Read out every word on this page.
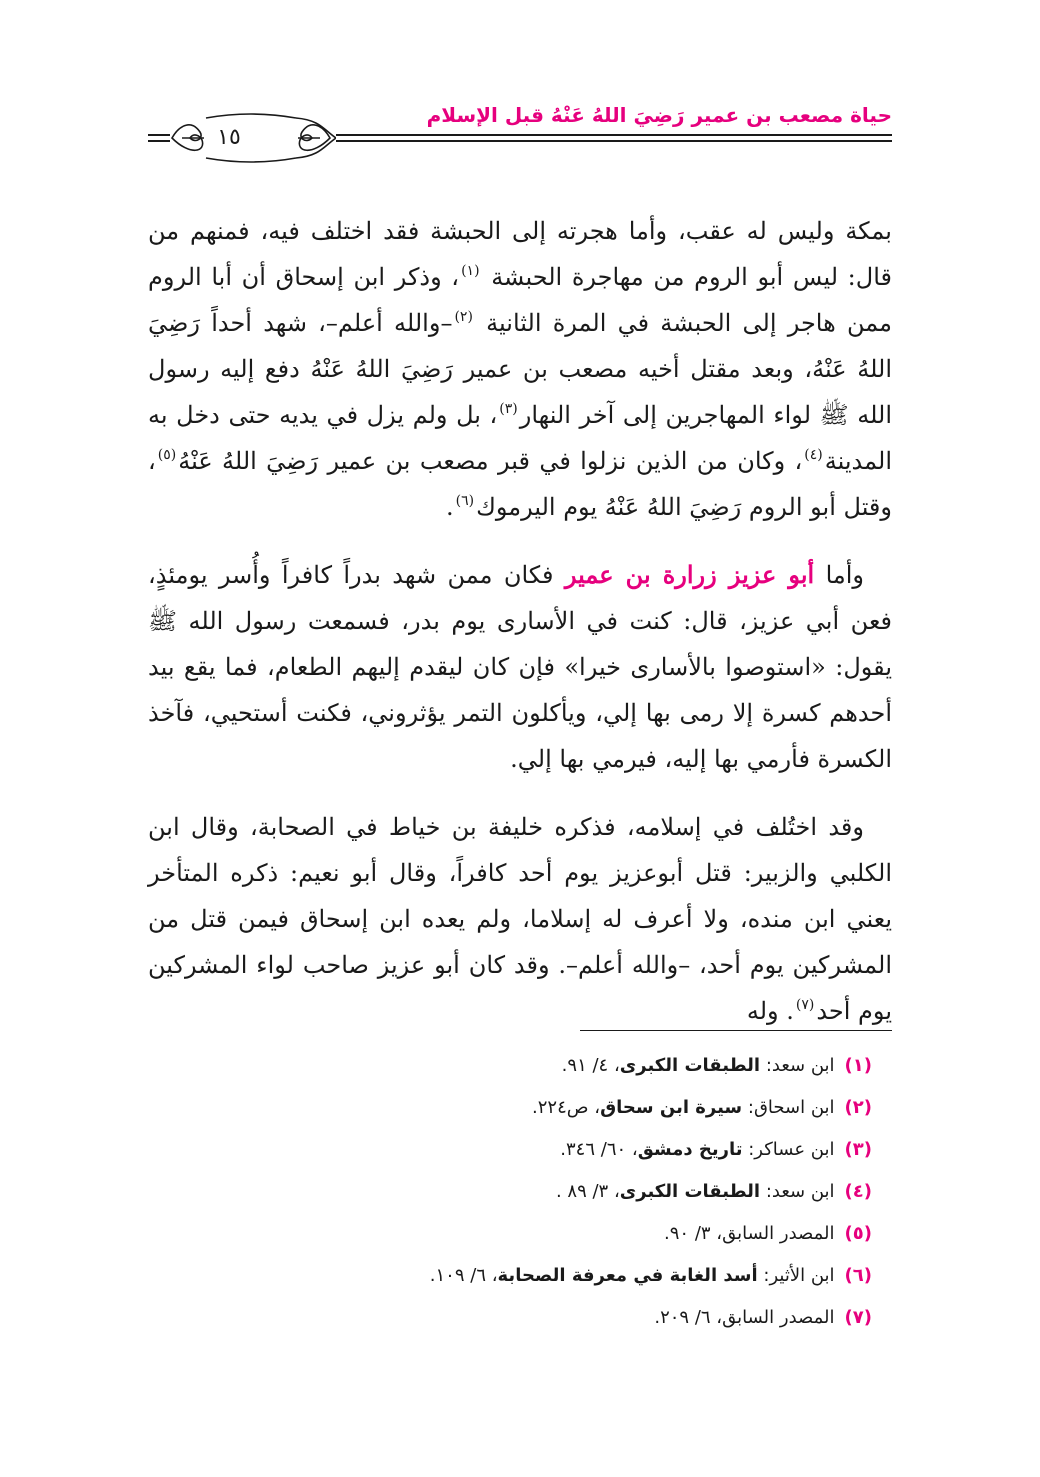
حياة مصعب بن عمير رَضِيَ اللهُ عَنْهُ قبل الإسلام
١٥

بمكة وليس له عقب، وأما هجرته إلى الحبشة فقد اختلف فيه، فمنهم من قال: ليس أبو الروم من مهاجرة الحبشة $^{(١)}$، وذكر ابن إسحاق أن أبا الروم ممن هاجر إلى الحبشة في المرة الثانية $^{(٢)}$–والله أعلم–، شهد أحداً رَضِيَ اللهُ عَنْهُ، وبعد مقتل أخيه مصعب بن عمير رَضِيَ اللهُ عَنْهُ دفع إليه رسول الله ﷺ لواء المهاجرين إلى آخر النهار$^{(٣)}$، بل ولم يزل في يديه حتى دخل به المدينة$^{(٤)}$، وكان من الذين نزلوا في قبر مصعب بن عمير رَضِيَ اللهُ عَنْهُ$^{(٥)}$، وقتل أبو الروم رَضِيَ اللهُ عَنْهُ يوم اليرموك$^{(٦)}$.

وأما أبو عزيز زرارة بن عمير فكان ممن شهد بدراً كافراً وأُسر يومئذٍ، فعن أبي عزيز، قال: كنت في الأسارى يوم بدر، فسمعت رسول الله ﷺ يقول: «استوصوا بالأسارى خيرا» فإن كان ليقدم إليهم الطعام، فما يقع بيد أحدهم كسرة إلا رمى بها إلي، ويأكلون التمر يؤثروني، فكنت أستحيي، فآخذ الكسرة فأرمي بها إليه، فيرمي بها إلي.

وقد اختُلف في إسلامه، فذكره خليفة بن خياط في الصحابة، وقال ابن الكلبي والزبير: قتل أبوعزيز يوم أحد كافراً، وقال أبو نعيم: ذكره المتأخر يعني ابن منده، ولا أعرف له إسلاما، ولم يعده ابن إسحاق فيمن قتل من المشركين يوم أحد، –والله أعلم–. وقد كان أبو عزيز صاحب لواء المشركين يوم أحد$^{(٧)}$. وله

(١)ابن سعد: الطبقات الكبرى، ٤/ ٩١.
(٢)ابن اسحاق: سيرة ابن سحاق، ص٢٢٤.
(٣)ابن عساكر: تاريخ دمشق، ٦٠/ ٣٤٦.
(٤)ابن سعد: الطبقات الكبرى، ٣/ ٨٩ .
(٥)المصدر السابق، ٣/ ٩٠.
(٦)ابن الأثير: أسد الغابة في معرفة الصحابة، ٦/ ١٠٩.
(٧)المصدر السابق، ٦/ ٢٠٩.
